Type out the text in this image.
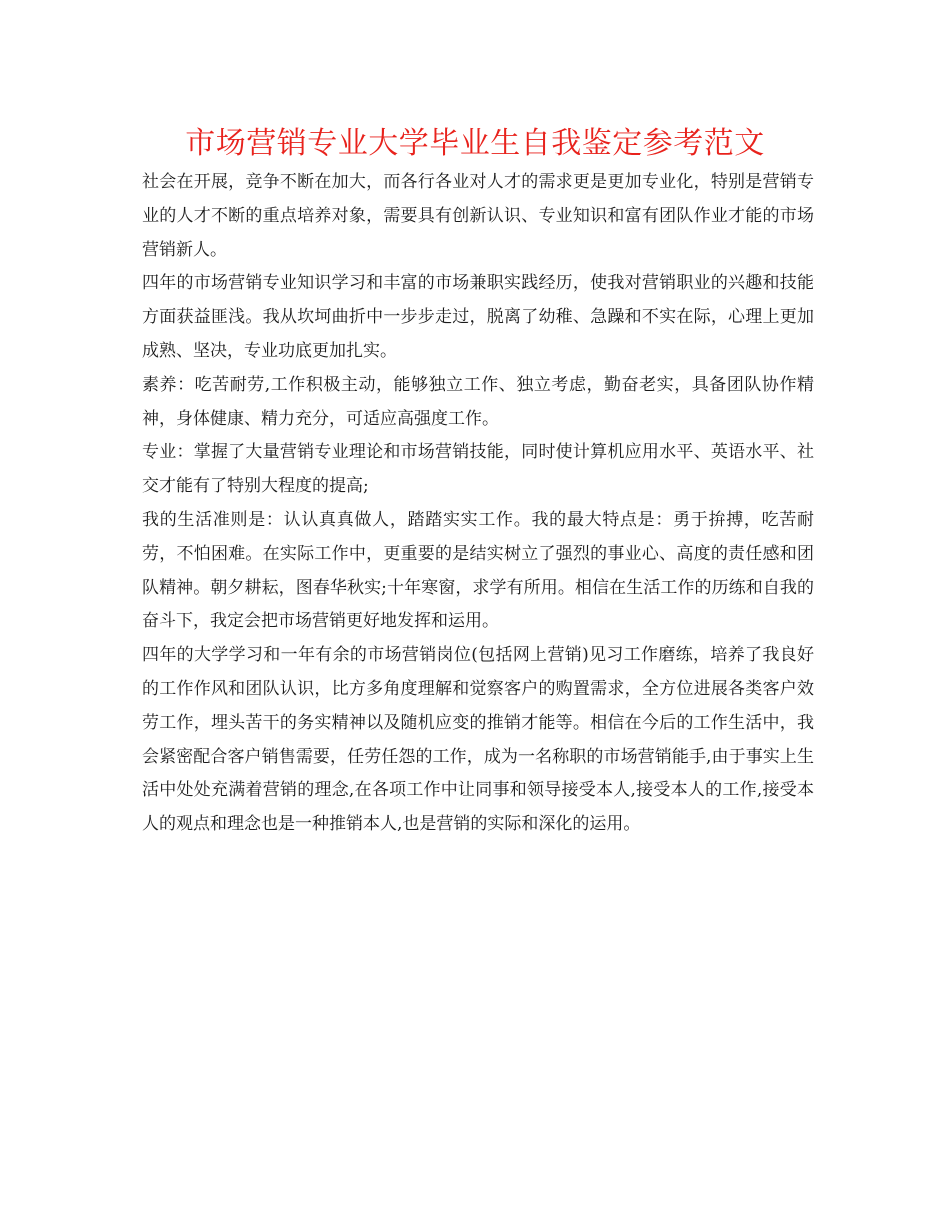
市场营销专业大学毕业生自我鉴定参考范文

社会在开展，竞争不断在加大，而各行各业对人才的需求更是更加专业化，特别是营销专业的人才不断的重点培养对象，需要具有创新认识、专业知识和富有团队作业才能的市场营销新人。

四年的市场营销专业知识学习和丰富的市场兼职实践经历，使我对营销职业的兴趣和技能方面获益匪浅。我从坎坷曲折中一步步走过，脱离了幼稚、急躁和不实在际，心理上更加成熟、坚决，专业功底更加扎实。

素养：吃苦耐劳,工作积极主动，能够独立工作、独立考虑，勤奋老实，具备团队协作精神，身体健康、精力充分，可适应高强度工作。

专业：掌握了大量营销专业理论和市场营销技能，同时使计算机应用水平、英语水平、社交才能有了特别大程度的提高;

我的生活准则是：认认真真做人，踏踏实实工作。我的最大特点是：勇于拚搏，吃苦耐劳，不怕困难。在实际工作中，更重要的是结实树立了强烈的事业心、高度的责任感和团队精神。朝夕耕耘，图春华秋实;十年寒窗，求学有所用。相信在生活工作的历练和自我的奋斗下，我定会把市场营销更好地发挥和运用。

四年的大学学习和一年有余的市场营销岗位(包括网上营销)见习工作磨练，培养了我良好的工作作风和团队认识，比方多角度理解和觉察客户的购置需求，全方位进展各类客户效劳工作，埋头苦干的务实精神以及随机应变的推销才能等。相信在今后的工作生活中，我会紧密配合客户销售需要，任劳任怨的工作，成为一名称职的市场营销能手,由于事实上生活中处处充满着营销的理念,在各项工作中让同事和领导接受本人,接受本人的工作,接受本人的观点和理念也是一种推销本人,也是营销的实际和深化的运用。
